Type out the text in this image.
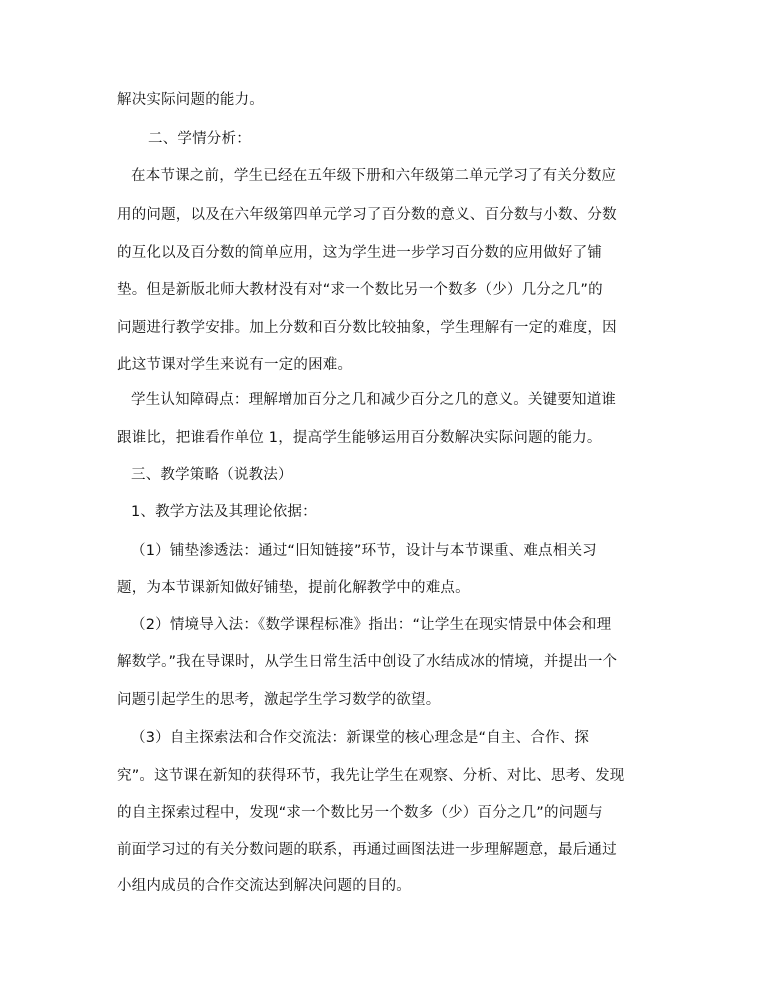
解决实际问题的能力。
二、学情分析：
在本节课之前，学生已经在五年级下册和六年级第二单元学习了有关分数应
用的问题，以及在六年级第四单元学习了百分数的意义、百分数与小数、分数
的互化以及百分数的简单应用，这为学生进一步学习百分数的应用做好了铺
垫。但是新版北师大教材没有对“求一个数比另一个数多（少）几分之几”的
问题进行教学安排。加上分数和百分数比较抽象，学生理解有一定的难度，因
此这节课对学生来说有一定的困难。
学生认知障碍点：理解增加百分之几和减少百分之几的意义。关键要知道谁
跟谁比，把谁看作单位 1，提高学生能够运用百分数解决实际问题的能力。
三、教学策略（说教法）
1、教学方法及其理论依据：
（1）铺垫渗透法：通过“旧知链接”环节，设计与本节课重、难点相关习
题，为本节课新知做好铺垫，提前化解教学中的难点。
（2）情境导入法：《数学课程标准》指出：“让学生在现实情景中体会和理
解数学。”我在导课时，从学生日常生活中创设了水结成冰的情境，并提出一个
问题引起学生的思考，激起学生学习数学的欲望。
（3）自主探索法和合作交流法：新课堂的核心理念是“自主、合作、探
究”。这节课在新知的获得环节，我先让学生在观察、分析、对比、思考、发现
的自主探索过程中，发现“求一个数比另一个数多（少）百分之几”的问题与
前面学习过的有关分数问题的联系，再通过画图法进一步理解题意，最后通过
小组内成员的合作交流达到解决问题的目的。
